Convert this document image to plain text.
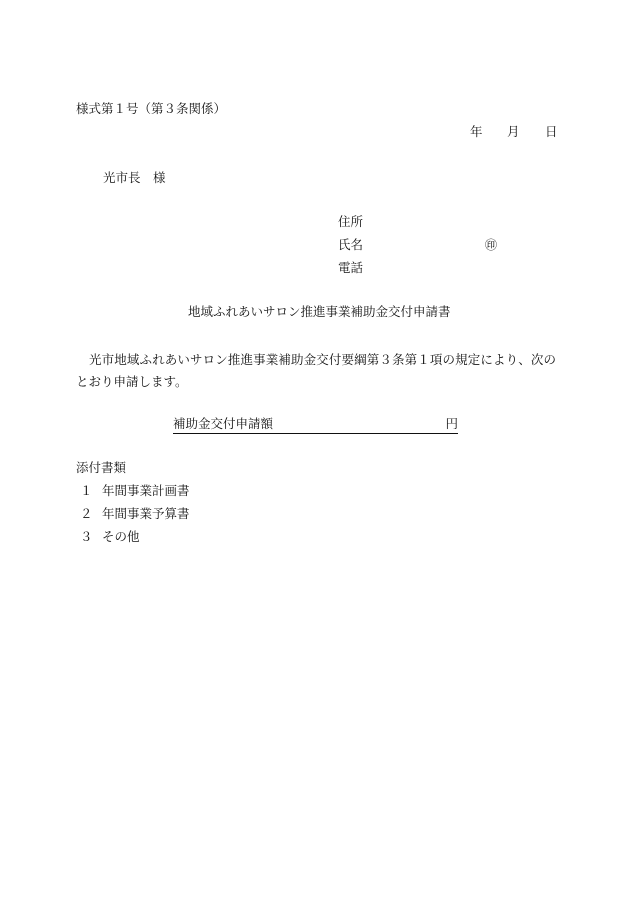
様式第１号（第３条関係）
年 月 日
光市長　様
住所
氏名	㊞
電話
地域ふれあいサロン推進事業補助金交付申請書
光市地域ふれあいサロン推進事業補助金交付要綱第３条第１項の規定により、次のとおり申請します。
補助金交付申請額	円
添付書類
１ 年間事業計画書
２ 年間事業予算書
３ その他
